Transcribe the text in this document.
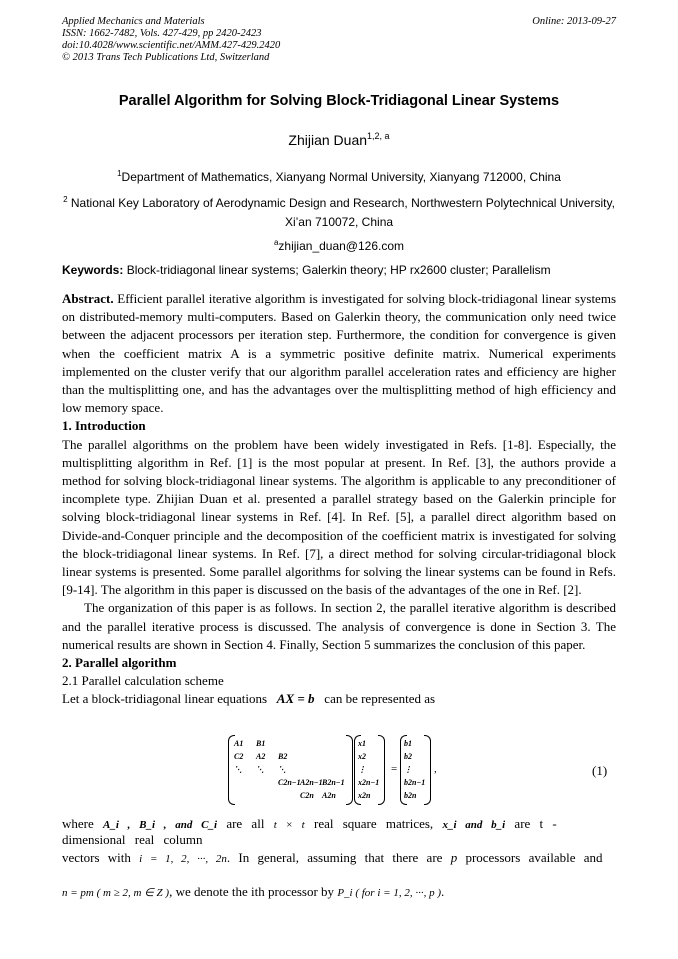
Applied Mechanics and Materials
ISSN: 1662-7482, Vols. 427-429, pp 2420-2423
doi:10.4028/www.scientific.net/AMM.427-429.2420
© 2013 Trans Tech Publications Ltd, Switzerland
Online: 2013-09-27
Parallel Algorithm for Solving Block-Tridiagonal Linear Systems
Zhijian Duan$^{1,2, a}$
$^1$Department of Mathematics, Xianyang Normal University, Xianyang 712000, China
$^2$ National Key Laboratory of Aerodynamic Design and Research, Northwestern Polytechnical University, Xi’an 710072, China
$^a$zhijian_duan@126.com
Keywords: Block-tridiagonal linear systems; Galerkin theory; HP rx2600 cluster; Parallelism

Abstract. Efficient parallel iterative algorithm is investigated for solving block-tridiagonal linear systems on distributed-memory multi-computers. Based on Galerkin theory, the communication only need twice between the adjacent processors per iteration step. Furthermore, the condition for convergence is given when the coefficient matrix A is a symmetric positive definite matrix. Numerical experiments implemented on the cluster verify that our algorithm parallel acceleration rates and efficiency are higher than the multisplitting one, and has the advantages over the multisplitting method of high efficiency and low memory space.

1. Introduction

The parallel algorithms on the problem have been widely investigated in Refs. [1-8]. Especially, the multisplitting algorithm in Ref. [1] is the most popular at present. In Ref. [3], the authors provide a method for solving block-tridiagonal linear systems. The algorithm is applicable to any preconditioner of incomplete type. Zhijian Duan et al. presented a parallel strategy based on the Galerkin principle for solving block-tridiagonal linear systems in Ref. [4]. In Ref. [5], a parallel direct algorithm based on Divide-and-Conquer principle and the decomposition of the coefficient matrix is investigated for solving the block-tridiagonal linear systems. In Ref. [7], a direct method for solving circular-tridiagonal block linear systems is presented. Some parallel algorithms for solving the linear systems can be found in Refs. [9-14]. The algorithm in this paper is discussed on the basis of the advantages of the one in Ref. [2].

The organization of this paper is as follows. In section 2, the parallel iterative algorithm is described and the parallel iterative process is discussed. The analysis of convergence is done in Section 3. The numerical results are shown in Section 4. Finally, Section 5 summarizes the conclusion of this paper.

2. Parallel algorithm

2.1 Parallel calculation scheme

Let a block-tridiagonal linear equations AX = b can be represented as

=	,
A1 B1	x1	b1
C2 A2 B2	x2	b2
⋱ ⋱ ⋱	⋮	⋮
C2n−1 A2n−1 B2n−1 x2n−1	b2n−1
C2n A2n	x2n	b2n
(1)
where A_i , B_i , and C_i are all t × t real square matrices, x_i and b_i are t -dimensional real column
vectors with i = 1, 2, ···, 2n. In general, assuming that there are p processors available and
n = pm ( m ≥ 2, m ∈ Z ), we denote the ith processor by P_i ( for i = 1, 2, ···, p ).
